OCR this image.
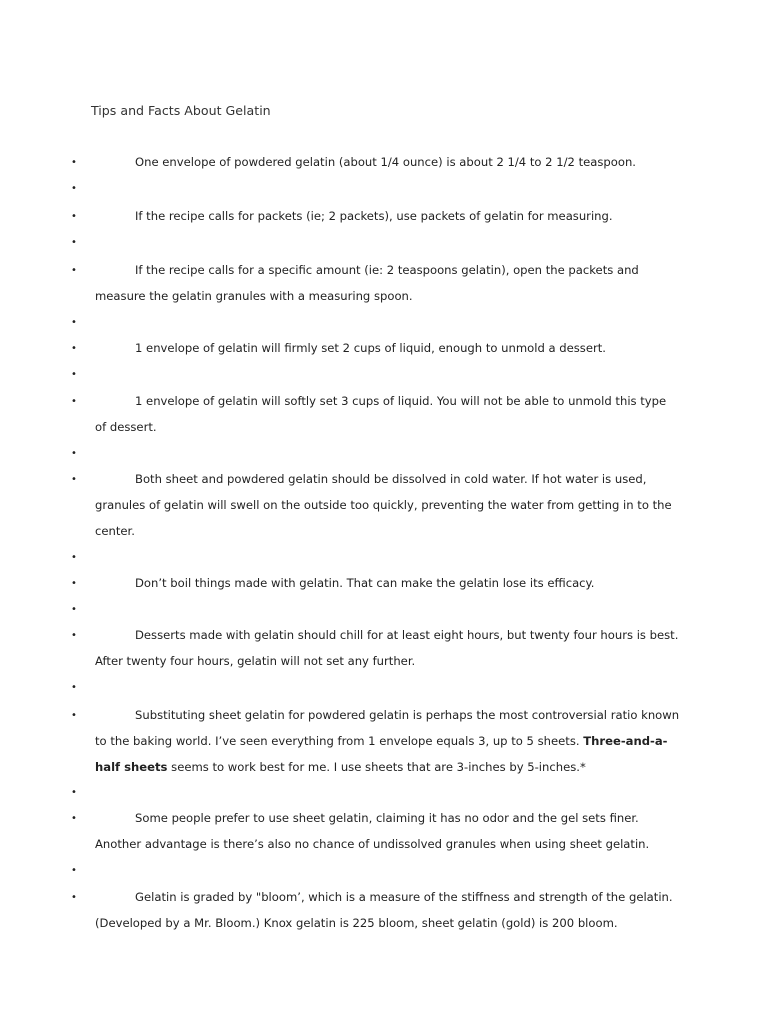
Tips and Facts About Gelatin
•	One envelope of powdered gelatin (about 1/4 ounce) is about 2 1/4 to 2 1/2 teaspoon.
•
•	If the recipe calls for packets (ie; 2 packets), use packets of gelatin for measuring.
•
•	If the recipe calls for a specific amount (ie: 2 teaspoons gelatin), open the packets and measure the gelatin granules with a measuring spoon.
•
•	1 envelope of gelatin will firmly set 2 cups of liquid, enough to unmold a dessert.
•
•	1 envelope of gelatin will softly set 3 cups of liquid. You will not be able to unmold this type of dessert.
•
•	Both sheet and powdered gelatin should be dissolved in cold water. If hot water is used, granules of gelatin will swell on the outside too quickly, preventing the water from getting in to the center.
•
•	Don’t boil things made with gelatin. That can make the gelatin lose its efficacy.
•
•	Desserts made with gelatin should chill for at least eight hours, but twenty four hours is best. After twenty four hours, gelatin will not set any further.
•
•	Substituting sheet gelatin for powdered gelatin is perhaps the most controversial ratio known to the baking world. I’ve seen everything from 1 envelope equals 3, up to 5 sheets. Three-and-a-half sheets seems to work best for me. I use sheets that are 3-inches by 5-inches.*
•
•	Some people prefer to use sheet gelatin, claiming it has no odor and the gel sets finer. Another advantage is there’s also no chance of undissolved granules when using sheet gelatin.
•
•	Gelatin is graded by "bloom’, which is a measure of the stiffness and strength of the gelatin. (Developed by a Mr. Bloom.) Knox gelatin is 225 bloom, sheet gelatin (gold) is 200 bloom.
